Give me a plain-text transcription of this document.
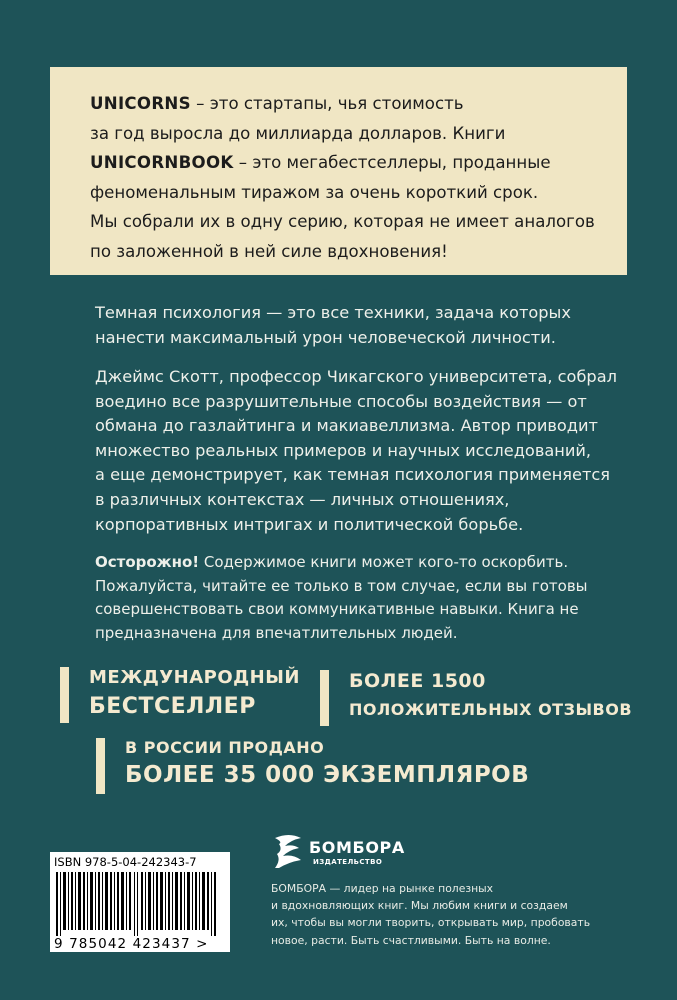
UNICORNS – это стартапы, чья стоимость
за год выросла до миллиарда долларов. Книги
UNICORNBOOK – это мегабестселлеры, проданные
феноменальным тиражом за очень короткий срок.
Мы собрали их в одну серию, которая не имеет аналогов
по заложенной в ней силе вдохновения!
Темная психология — это все техники, задача которых
нанести максимальный урон человеческой личности.
Джеймс Скотт, профессор Чикагского университета, собрал
воедино все разрушительные способы воздействия — от
обмана до газлайтинга и макиавеллизма. Автор приводит
множество реальных примеров и научных исследований,
а еще демонстрирует, как темная психология применяется
в различных контекстах — личных отношениях,
корпоративных интригах и политической борьбе.
Осторожно! Содержимое книги может кого-то оскорбить.
Пожалуйста, читайте ее только в том случае, если вы готовы
совершенствовать свои коммуникативные навыки. Книга не
предназначена для впечатлительных людей.
МЕЖДУНАРОДНЫЙ
БЕСТСЕЛЛЕР
БОЛЕЕ 1500
ПОЛОЖИТЕЛЬНЫХ ОТЗЫВОВ
В РОССИИ ПРОДАНО
БОЛЕЕ 35 000 ЭКЗЕМПЛЯРОВ
ISBN 978-5-04-242343-7
9 785042 423437 >
БОМБОРА
ИЗДАТЕЛЬСТВО
БОМБОРА — лидер на рынке полезных
и вдохновляющих книг. Мы любим книги и создаем
их, чтобы вы могли творить, открывать мир, пробовать
новое, расти. Быть счастливыми. Быть на волне.
